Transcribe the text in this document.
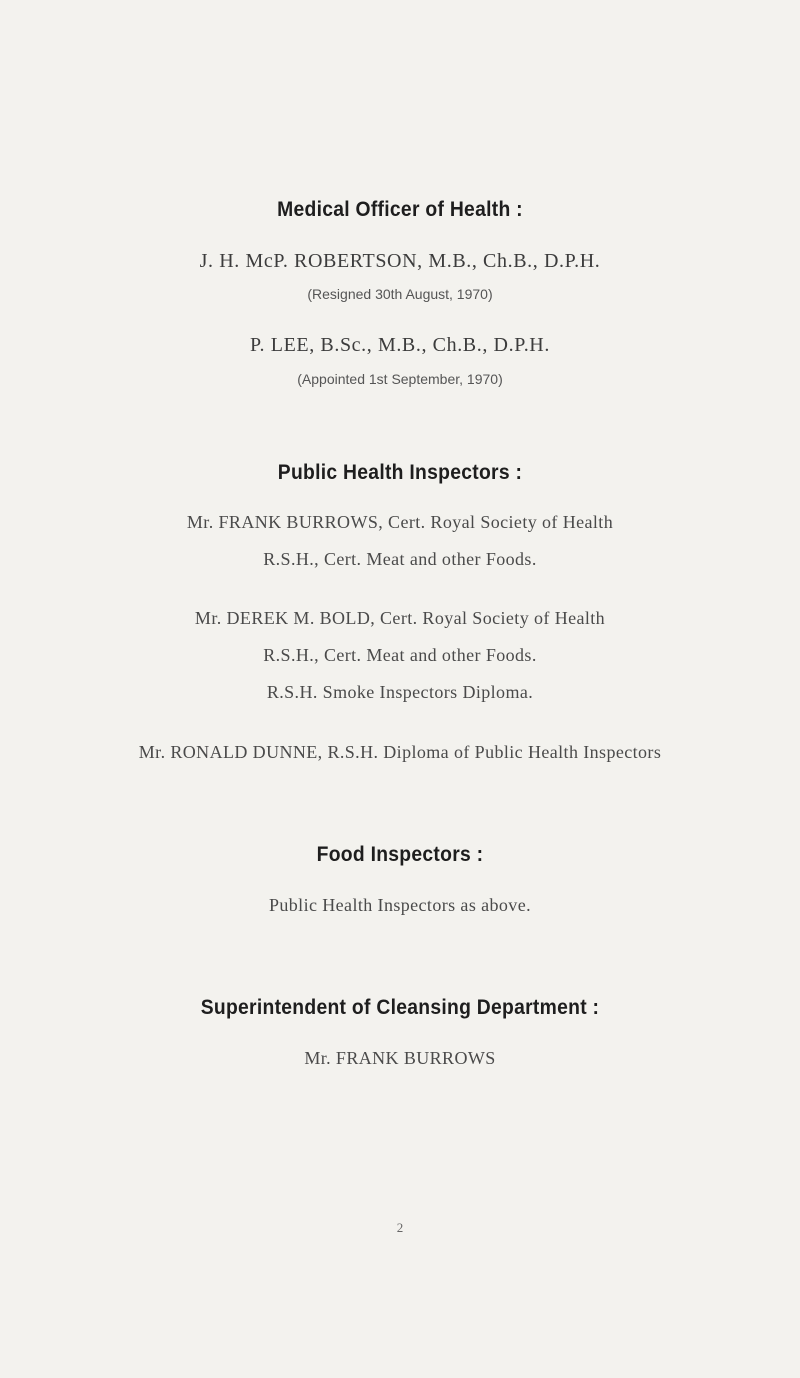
Medical Officer of Health :
J. H. McP. ROBERTSON, M.B., Ch.B., D.P.H.
(Resigned 30th August, 1970)
P. LEE, B.Sc., M.B., Ch.B., D.P.H.
(Appointed 1st September, 1970)
Public Health Inspectors :
Mr. FRANK BURROWS, Cert. Royal Society of Health
R.S.H., Cert. Meat and other Foods.
Mr. DEREK M. BOLD, Cert. Royal Society of Health
R.S.H., Cert. Meat and other Foods.
R.S.H. Smoke Inspectors Diploma.
Mr. RONALD DUNNE, R.S.H. Diploma of Public Health Inspectors
Food Inspectors :
Public Health Inspectors as above.
Superintendent of Cleansing Department :
Mr. FRANK BURROWS
2
